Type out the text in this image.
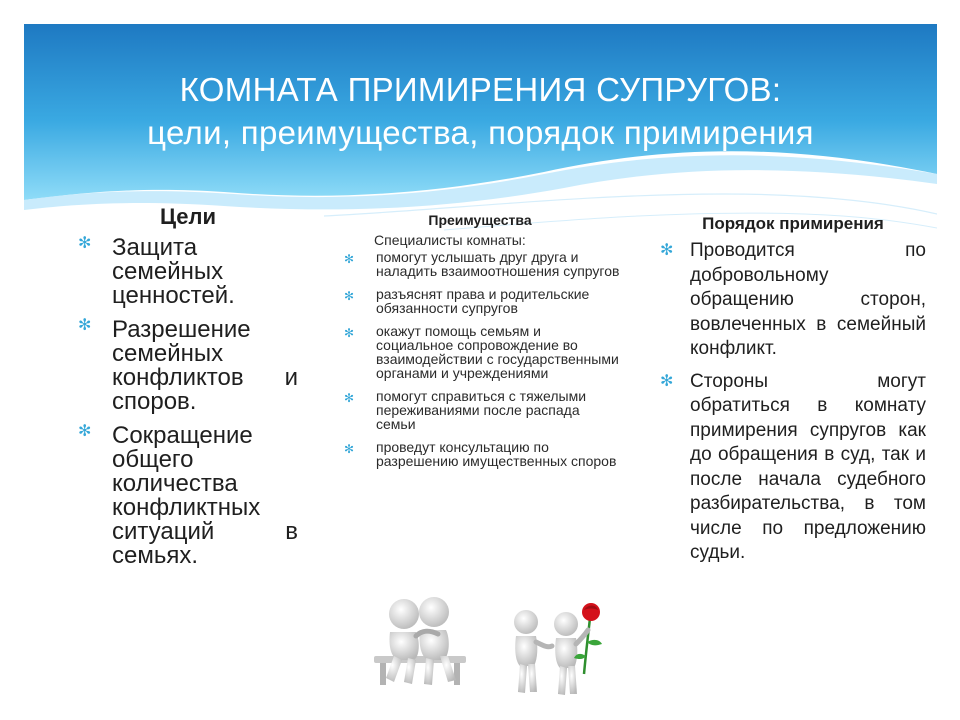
КОМНАТА ПРИМИРЕНИЯ СУПРУГОВ:
цели, преимущества, порядок примирения
Цели
✻ Защита семейных ценностей.
✻ Разрешение семейных конфликтов и споров.
✻ Сокращение общего количества конфликтных ситуаций в семьях.
Преимущества
Специалисты комнаты:
✻ помогут услышать друг друга и наладить взаимоотношения супругов
✻ разъяснят права и родительские обязанности супругов
✻ окажут помощь семьям и социальное сопровождение во взаимодействии с государственными органами и учреждениями
✻ помогут справиться с тяжелыми переживаниями после распада семьи
✻ проведут консультацию по разрешению имущественных споров
Порядок примирения
✻ Проводится по добровольному обращению сторон, вовлеченных в семейный конфликт.
✻ Стороны могут обратиться в комнату примирения супругов как до обращения в суд, так и после начала судебного разбирательства, в том числе по предложению судьи.
